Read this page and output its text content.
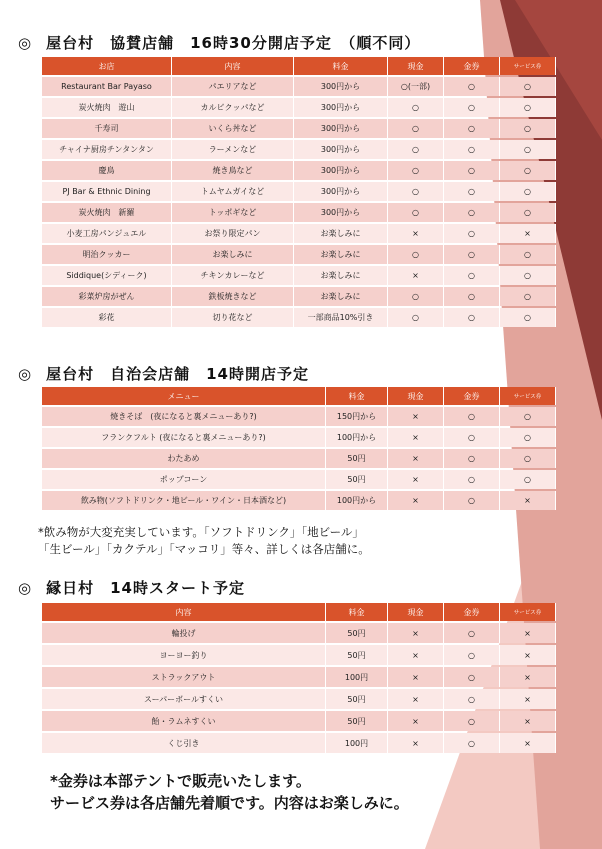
◎ 屋台村　協賛店舗　16時30分開店予定　（順不同）
お店	内容	料金	現金	金券	サービス券
Restaurant Bar Payaso	パエリアなど	300円から	○(一部)	○	○
炭火焼肉　遊山	カルビクッパなど	300円から	○	○	○
千寿司	いくら丼など	300円から	○	○	○
チャイナ厨房チンタンタン	ラーメンなど	300円から	○	○	○
慶鳥	焼き鳥など	300円から	○	○	○
PJ Bar & Ethnic Dining	トムヤムガイなど	300円から	○	○	○
炭火焼肉　新羅	トッポギなど	300円から	○	○	○
小麦工房パンジュエル	お祭り限定パン	お楽しみに	×	○	×
明治クッカー	お楽しみに	お楽しみに	○	○	○
Siddique(シディーク)	チキンカレーなど	お楽しみに	×	○	○
彩菜炉房がぜん	鉄板焼きなど	お楽しみに	○	○	○
彩花	切り花など	一部商品10%引き	○	○	○
◎ 屋台村　自治会店舗　14時開店予定
メニュー	料金	現金	金券	サービス券
焼きそば　(夜になると裏メニューあり?)	150円から	×	○	○
フランクフルト (夜になると裏メニューあり?)	100円から	×	○	○
わたあめ	50円	×	○	○
ポップコーン	50円	×	○	○
飲み物(ソフトドリンク・地ビール・ワイン・日本酒など)	100円から	×	○	×

*飲み物が大変充実しています。「ソフトドリンク」「地ビール」
「生ビール」「カクテル」「マッコリ」等々、詳しくは各店舗に。

◎ 縁日村　14時スタート予定
内容	料金	現金	金券	サービス券
輪投げ	50円	×	○	×
ヨーヨー釣り	50円	×	○	×
ストラックアウト	100円	×	○	×
スーパーボールすくい	50円	×	○	×
飴・ラムネすくい	50円	×	○	×
くじ引き	100円	×	○	×

*金券は本部テントで販売いたします。
サービス券は各店舗先着順です。内容はお楽しみに。
